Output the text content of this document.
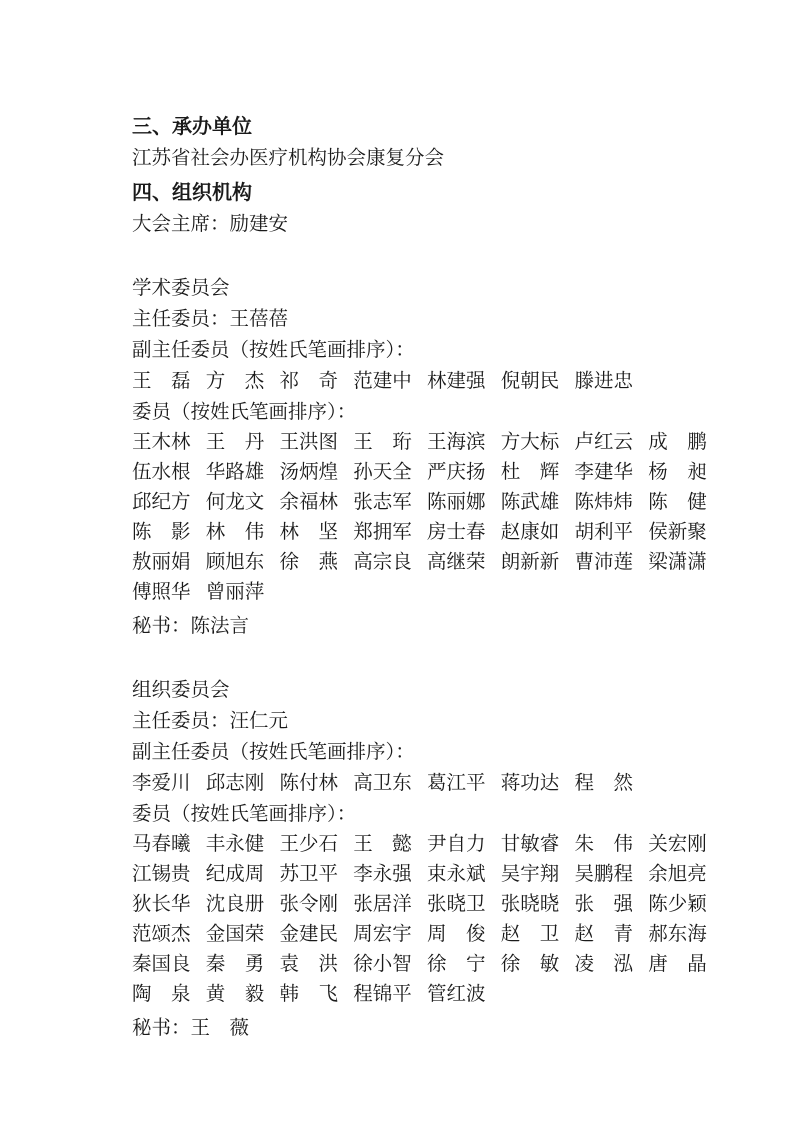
三、承办单位
江苏省社会办医疗机构协会康复分会
四、组织机构
大会主席：励建安
学术委员会
主任委员：王蓓蓓
副主任委员（按姓氏笔画排序）：
王　磊 方　杰 祁　奇 范建中 林建强 倪朝民 滕进忠
委员（按姓氏笔画排序）：
王木林 王　丹 王洪图 王　珩 王海滨 方大标 卢红云 成　鹏
伍水根 华路雄 汤炳煌 孙天全 严庆扬 杜　辉 李建华 杨　昶
邱纪方 何龙文 余福林 张志军 陈丽娜 陈武雄 陈炜炜 陈　健
陈　影 林　伟 林　坚 郑拥军 房士春 赵康如 胡利平 侯新聚
敖丽娟 顾旭东 徐　燕 高宗良 高继荣 朗新新 曹沛莲 梁潇潇
傅照华 曾丽萍
秘书：陈法言
组织委员会
主任委员：汪仁元
副主任委员（按姓氏笔画排序）：
李爱川 邱志刚 陈付林 高卫东 葛江平 蒋功达 程　然
委员（按姓氏笔画排序）：
马春曦 丰永健 王少石 王　懿 尹自力 甘敏睿 朱　伟 关宏刚
江锡贵 纪成周 苏卫平 李永强 束永斌 吴宇翔 吴鹏程 余旭亮
狄长华 沈良册 张令刚 张居洋 张晓卫 张晓晓 张　强 陈少颖
范颂杰 金国荣 金建民 周宏宇 周　俊 赵　卫 赵　青 郝东海
秦国良 秦　勇 袁　洪 徐小智 徐　宁 徐　敏 凌　泓 唐　晶
陶　泉 黄　毅 韩　飞 程锦平 管红波
秘书：王　薇
